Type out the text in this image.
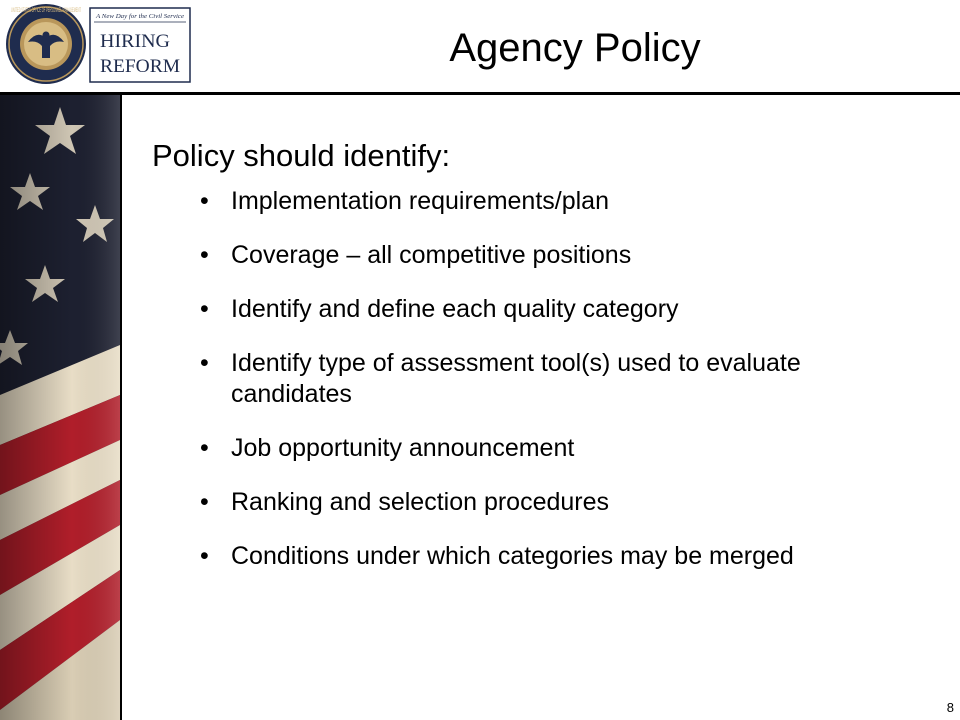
UNITED STATES OFFICE OF PERSONNEL MANAGEMENT
A New Day for the Civil Service
HIRING
REFORM	Agency Policy
Policy should identify:
• Implementation requirements/plan
• Coverage – all competitive positions
• Identify and define each quality category
• Identify type of assessment tool(s) used to evaluate candidates
• Job opportunity announcement
• Ranking and selection procedures
• Conditions under which categories may be merged
8
